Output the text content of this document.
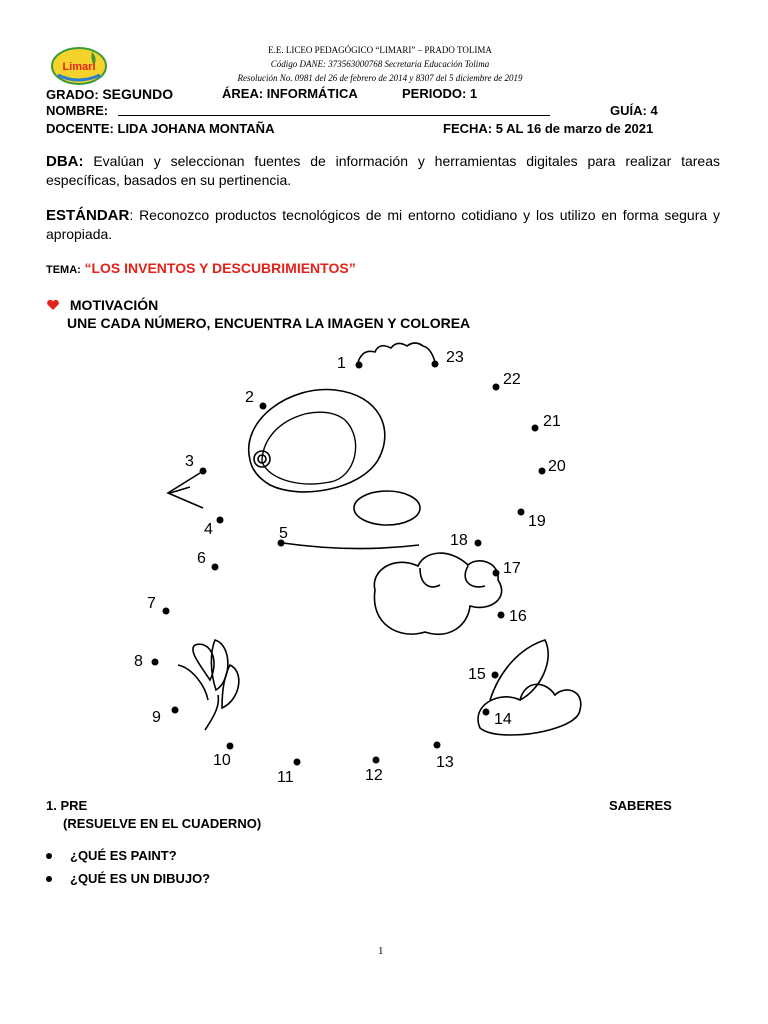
Limari
E.E. LICEO PEDAGÓGICO “LIMARI” – PRADO TOLIMA
Código DANE: 373563000768 Secretaria Educación Tolima
Resolución No. 0981 del 26 de febrero de 2014 y 8307 del 5 diciembre de 2019
GRADO: SEGUNDO	ÁREA: INFORMÁTICA	PERIODO: 1
NOMBRE:	GUÍA: 4
DOCENTE: LIDA JOHANA MONTAÑA	FECHA: 5 AL 16 de marzo de 2021
DBA: Evalúan y seleccionan fuentes de información y herramientas digitales para realizar tareas específicas, basados en su pertinencia.
ESTÁNDAR: Reconozco productos tecnológicos de mi entorno cotidiano y los utilizo en forma segura y apropiada.
TEMA: “LOS INVENTOS Y DESCUBRIMIENTOS”
MOTIVACIÓN
UNE CADA NÚMERO, ENCUENTRA LA IMAGEN Y COLOREA
1
2
3
4	5
6
7
8
9
10
11	12
13
14
15
16
17
18
19
20
21
22
23
1. PRE	SABERES
(RESUELVE EN EL CUADERNO)
¿QUÉ ES PAINT?
¿QUÉ ES UN DIBUJO?
1
